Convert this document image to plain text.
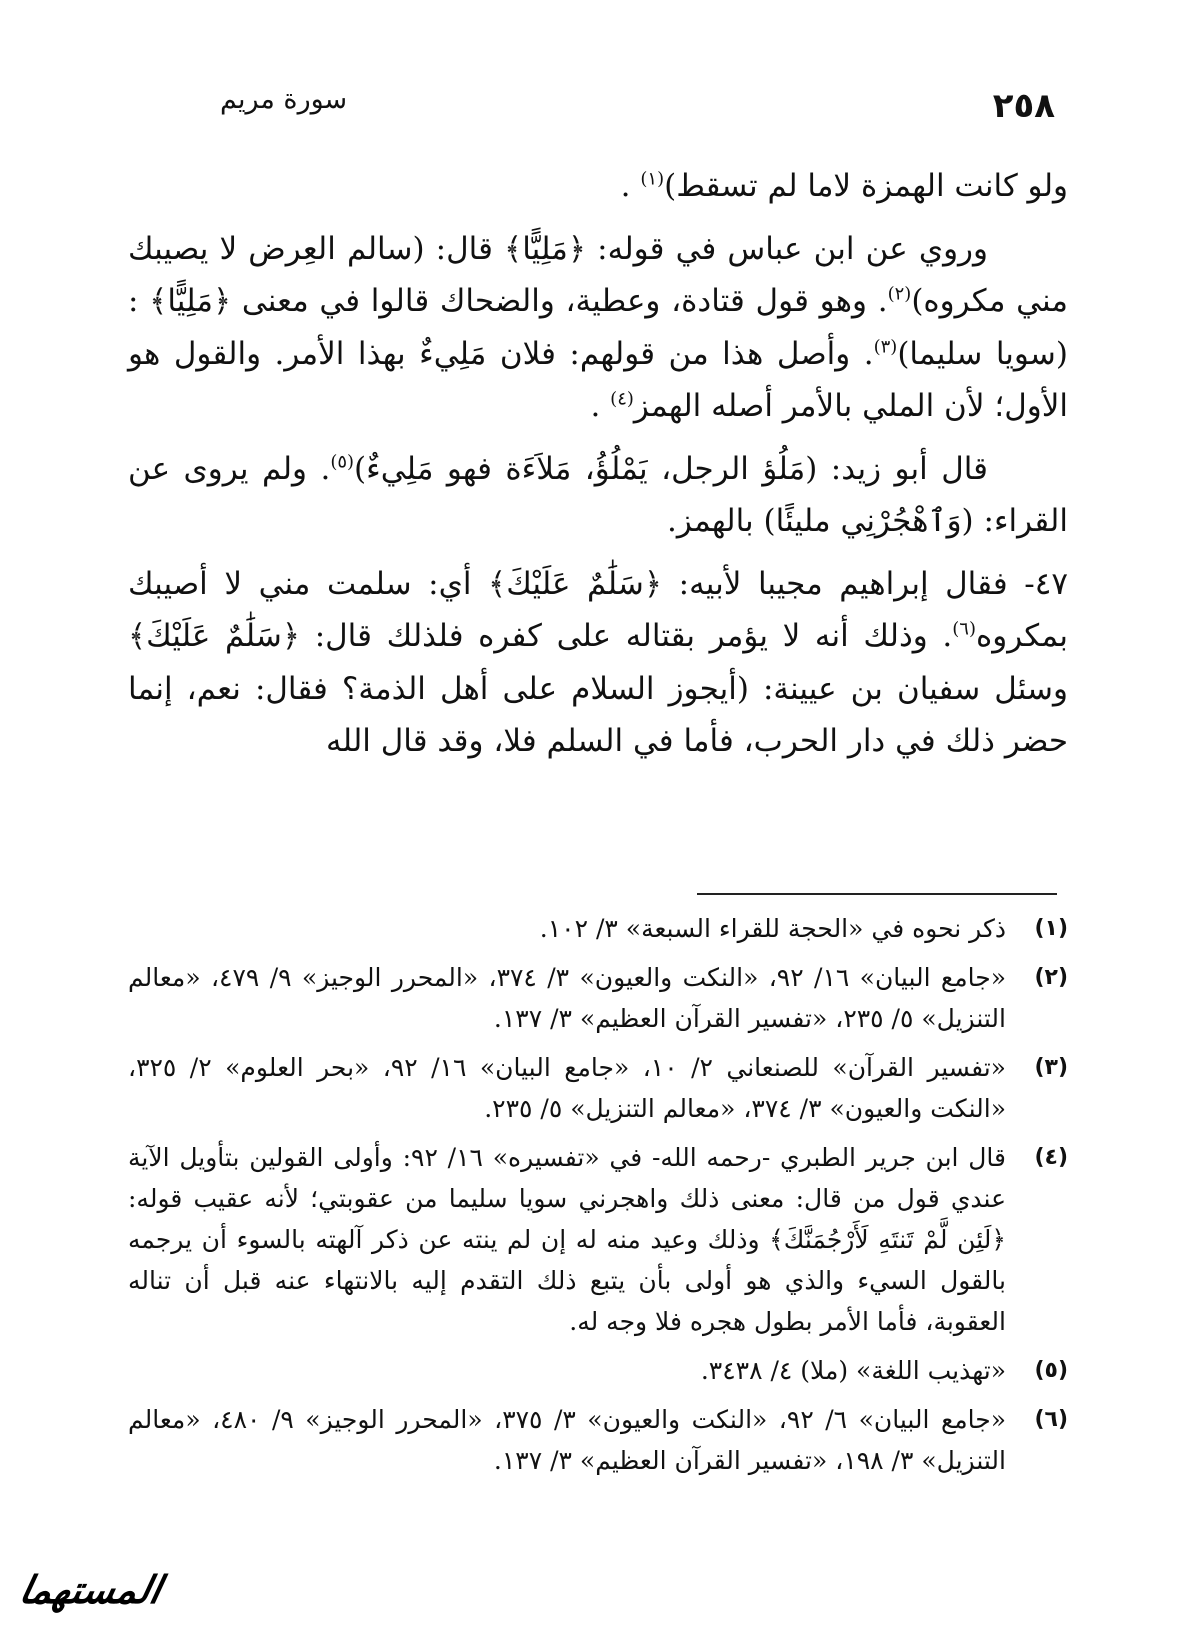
٢٥٨
سورة مريم

ولو كانت الهمزة لاما لم تسقط)$^{(١)}$ .

وروي عن ابن عباس في قوله: ﴿مَلِيًّا﴾ قال: (سالم العِرض لا يصيبك مني مكروه)$^{(٢)}$. وهو قول قتادة، وعطية، والضحاك قالوا في معنى ﴿مَلِيًّا﴾ : (سويا سليما)$^{(٣)}$. وأصل هذا من قولهم: فلان مَلِيءٌ بهذا الأمر. والقول هو الأول؛ لأن الملي بالأمر أصله الهمز$^{(٤)}$ .

قال أبو زيد: (مَلُؤ الرجل، يَمْلُؤُ، مَلاَءَة فهو مَلِيءٌ)$^{(٥)}$. ولم يروى عن القراء: (وَٱهْجُرْنِي مليئًا) بالهمز.

٤٧- فقال إبراهيم مجيبا لأبيه: ﴿سَلَٰمٌ عَلَيْكَ﴾ أي: سلمت مني لا أصيبك بمكروه$^{(٦)}$. وذلك أنه لا يؤمر بقتاله على كفره فلذلك قال: ﴿سَلَٰمٌ عَلَيْكَ﴾ وسئل سفيان بن عيينة: (أيجوز السلام على أهل الذمة؟ فقال: نعم، إنما حضر ذلك في دار الحرب، فأما في السلم فلا، وقد قال الله

(١)
ذكر نحوه في «الحجة للقراء السبعة» ٣/ ١٠٢.
(٢)
«جامع البيان» ١٦/ ٩٢، «النكت والعيون» ٣/ ٣٧٤، «المحرر الوجيز» ٩/ ٤٧٩، «معالم التنزيل» ٥/ ٢٣٥، «تفسير القرآن العظيم» ٣/ ١٣٧.
(٣)
«تفسير القرآن» للصنعاني ٢/ ١٠، «جامع البيان» ١٦/ ٩٢، «بحر العلوم» ٢/ ٣٢٥، «النكت والعيون» ٣/ ٣٧٤، «معالم التنزيل» ٥/ ٢٣٥.
(٤)
قال ابن جرير الطبري -رحمه الله- في «تفسيره» ١٦/ ٩٢: وأولى القولين بتأويل الآية عندي قول من قال: معنى ذلك واهجرني سويا سليما من عقوبتي؛ لأنه عقيب قوله: ﴿لَئِن لَّمْ تَنتَهِ لَأَرْجُمَنَّكَ﴾ وذلك وعيد منه له إن لم ينته عن ذكر آلهته بالسوء أن يرجمه بالقول السيء والذي هو أولى بأن يتبع ذلك التقدم إليه بالانتهاء عنه قبل أن تناله العقوبة، فأما الأمر بطول هجره فلا وجه له.
(٥)
«تهذيب اللغة» (ملا) ٤/ ٣٤٣٨.
(٦)
«جامع البيان» ٦/ ٩٢، «النكت والعيون» ٣/ ٣٧٥، «المحرر الوجيز» ٩/ ٤٨٠، «معالم التنزيل» ٣/ ١٩٨، «تفسير القرآن العظيم» ٣/ ١٣٧.
المستهما
